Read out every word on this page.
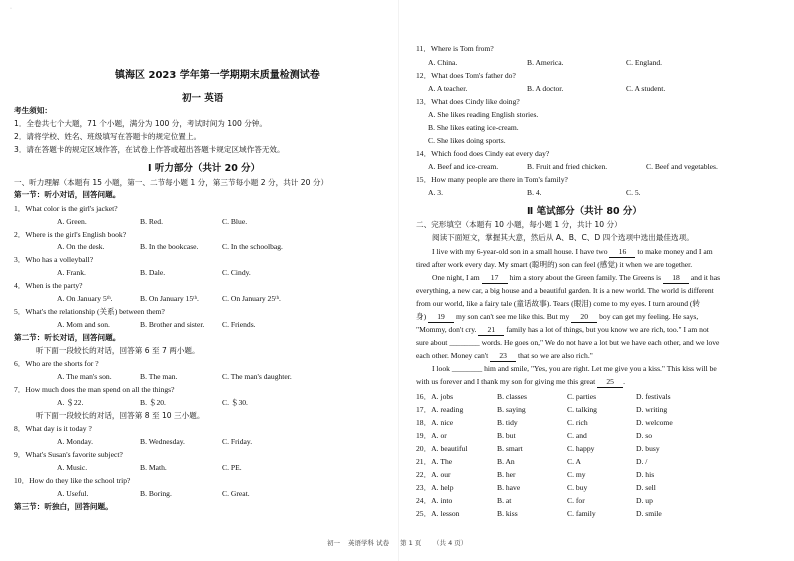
·
镇海区 2023 学年第一学期期末质量检测试卷
初一 英语
考生须知：
1．全卷共七个大题，71 个小题，满分为 100 分，考试时间为 100 分钟。
2．请将学校、姓名、班级填写在答题卡的规定位置上。
3．请在答题卡的规定区域作答，在试卷上作答或超出答题卡规定区域作答无效。
Ⅰ 听力部分（共计 20 分）
一、听力理解（本题有 15 小题，第一、二节每小题 1 分，第三节每小题 2 分，共计 20 分）
第一节：听小对话，回答问题。
1．What color is the girl's jacket?
A. Green.	B. Red.	C. Blue.
2．Where is the girl's English book?
A. On the desk.	B. In the bookcase.	C. In the schoolbag.
3．Who has a volleyball?
A. Frank.	B. Dale.	C. Cindy.
4．When is the party?
A. On January 5ᵗʰ.	B. On January 15ᵗʰ.	C. On January 25ᵗʰ.
5．What's the relationship (关系) between them?
A. Mom and son.	B. Brother and sister. C. Friends.
第二节：听长对话，回答问题。
听下面一段较长的对话，回答第 6 至 7 两小题。
6．Who are the shorts for ?
A. The man's son.	B. The man.	C. The man's daughter.
7．How much does the man spend on all the things?
A. ＄22.	B. ＄20.	C. ＄30.
听下面一段较长的对话，回答第 8 至 10 三小题。
8．What day is it today ?
A. Monday.	B. Wednesday.	C. Friday.
9．What's Susan's favorite subject?
A. Music.	B. Math.	C. PE.
10．How do they like the school trip?
A. Useful.	B. Boring.	C. Great.
第三节：听独白，回答问题。
11．Where is Tom from?
A. China.	B. America.	C. England.
12．What does Tom's father do?
A. A teacher.	B. A doctor.	C. A student.
13．What does Cindy like doing?
A. She likes reading English stories.
B. She likes eating ice-cream.
C. She likes doing sports.
14．Which food does Cindy eat every day?
A. Beef and ice-cream.	B. Fruit and fried chicken.	C. Beef and vegetables.
15．How many people are there in Tom's family?
A. 3.	B. 4.	C. 5.
Ⅱ 笔试部分（共计 80 分）
二、完形填空（本题有 10 小题，每小题 1 分，共计 10 分）
阅读下面短文，掌握其大意，然后从 A、B、C、D 四个选项中选出最佳选项。
I live with my 6-year-old son in a small house. I have two 16 to make money and I am
tired after work every day. My smart (聪明的) son can feel (感觉) it when we are together.
One night, I am 17 him a story about the Green family. The Greens is 18 and it has
everything, a new car, a big house and a beautiful garden. It is a new world. The world is different
from our world, like a fairy tale (童话故事). Tears (眼泪) come to my eyes. I turn around (转
身) 19 my son can't see me like this. But my 20 boy can get my feeling. He says,
"Mommy, don't cry. 21 family has a lot of things, but you know we are rich, too." I am not
sure about ________ words. He goes on," We do not have a lot but we have each other, and we love
each other. Money can't 23 that so we are also rich."
I look ________ him and smile, "Yes, you are right. Let me give you a kiss." This kiss will be
with us forever and I thank my son for giving me this great 25 .
16．A. jobs	B. classes	C. parties	D. festivals
17．A. reading	B. saying	C. talking	D. writing
18．A. nice	B. tidy	C. rich	D. welcome
19．A. or	B. but	C. and	D. so
20．A. beautiful	B. smart	C. happy	D. busy
21．A. The	B. An	C. A	D. /
22．A. our	B. her	C. my	D. his
23．A. help	B. have	C. buy	D. sell
24．A. into	B. at	C. for	D. up
25．A. lesson	B. kiss	C. family	D. smile
初一 英语学科 试卷 第 1 页 （共 4 页）
